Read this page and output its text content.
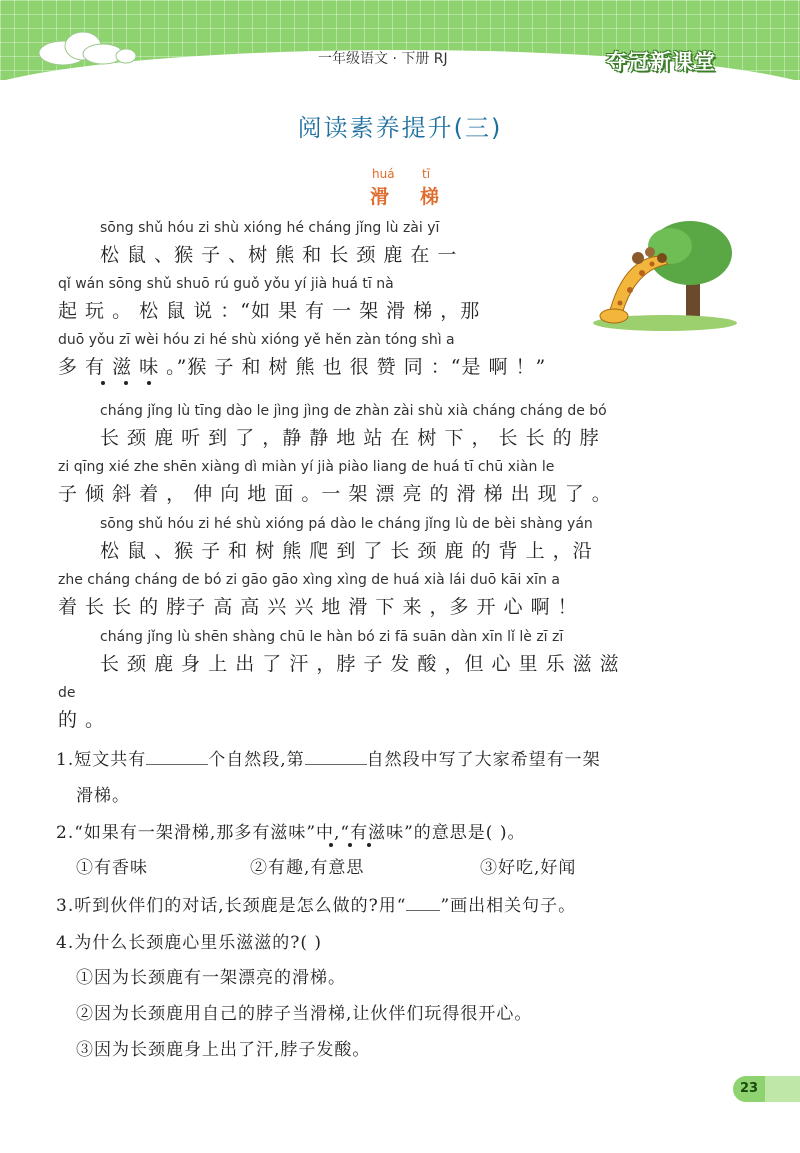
一年级语文 · 下册 RJ	夺冠新课堂
阅读素养提升(三)
huá tī
滑 梯
sōng shǔ hóu zi shù xióng hé cháng jǐng lù zài yī
松 鼠 、猴 子 、树 熊 和 长 颈 鹿 在 一
qǐ wán sōng shǔ shuō rú guǒ yǒu yí jià huá tī nà
起 玩 。 松 鼠 说 ：“如 果 有 一 架 滑 梯 ，那
duō yǒu zī wèi hóu zi hé shù xióng yě hěn zàn tóng shì a
多 有 滋 味 。”猴 子 和 树 熊 也 很 赞 同 ：“是 啊 ！”
cháng jǐng lù tīng dào le jìng jìng de zhàn zài shù xià cháng cháng de bó
长 颈 鹿 听 到 了 ，静 静 地 站 在 树 下 ， 长 长 的 脖
zi qīng xié zhe shēn xiàng dì miàn yí jià piào liang de huá tī chū xiàn le
子 倾 斜 着 ， 伸 向 地 面 。一 架 漂 亮 的 滑 梯 出 现 了 。
sōng shǔ hóu zi hé shù xióng pá dào le cháng jǐng lù de bèi shàng yán
松 鼠 、猴 子 和 树 熊 爬 到 了 长 颈 鹿 的 背 上 ，沿
zhe cháng cháng de bó zi gāo gāo xìng xìng de huá xià lái duō kāi xīn a
着 长 长 的 脖子 高 高 兴 兴 地 滑 下 来 ，多 开 心 啊 ！
cháng jǐng lù shēn shàng chū le hàn bó zi fā suān dàn xīn lǐ lè zī zī
长 颈 鹿 身 上 出 了 汗 ，脖 子 发 酸 ，但 心 里 乐 滋 滋
de
的 。
1.短文共有	个自然段,第	自然段中写了大家希望有一架
滑梯。
2.“如果有一架滑梯,那多有滋味”中,“有滋味”的意思是( )。
①有香味	②有趣,有意思	③好吃,好闻
3.听到伙伴们的对话,长颈鹿是怎么做的?用“ ”画出相关句子。
4.为什么长颈鹿心里乐滋滋的?( )
①因为长颈鹿有一架漂亮的滑梯。
②因为长颈鹿用自己的脖子当滑梯,让伙伴们玩得很开心。
③因为长颈鹿身上出了汗,脖子发酸。
23
